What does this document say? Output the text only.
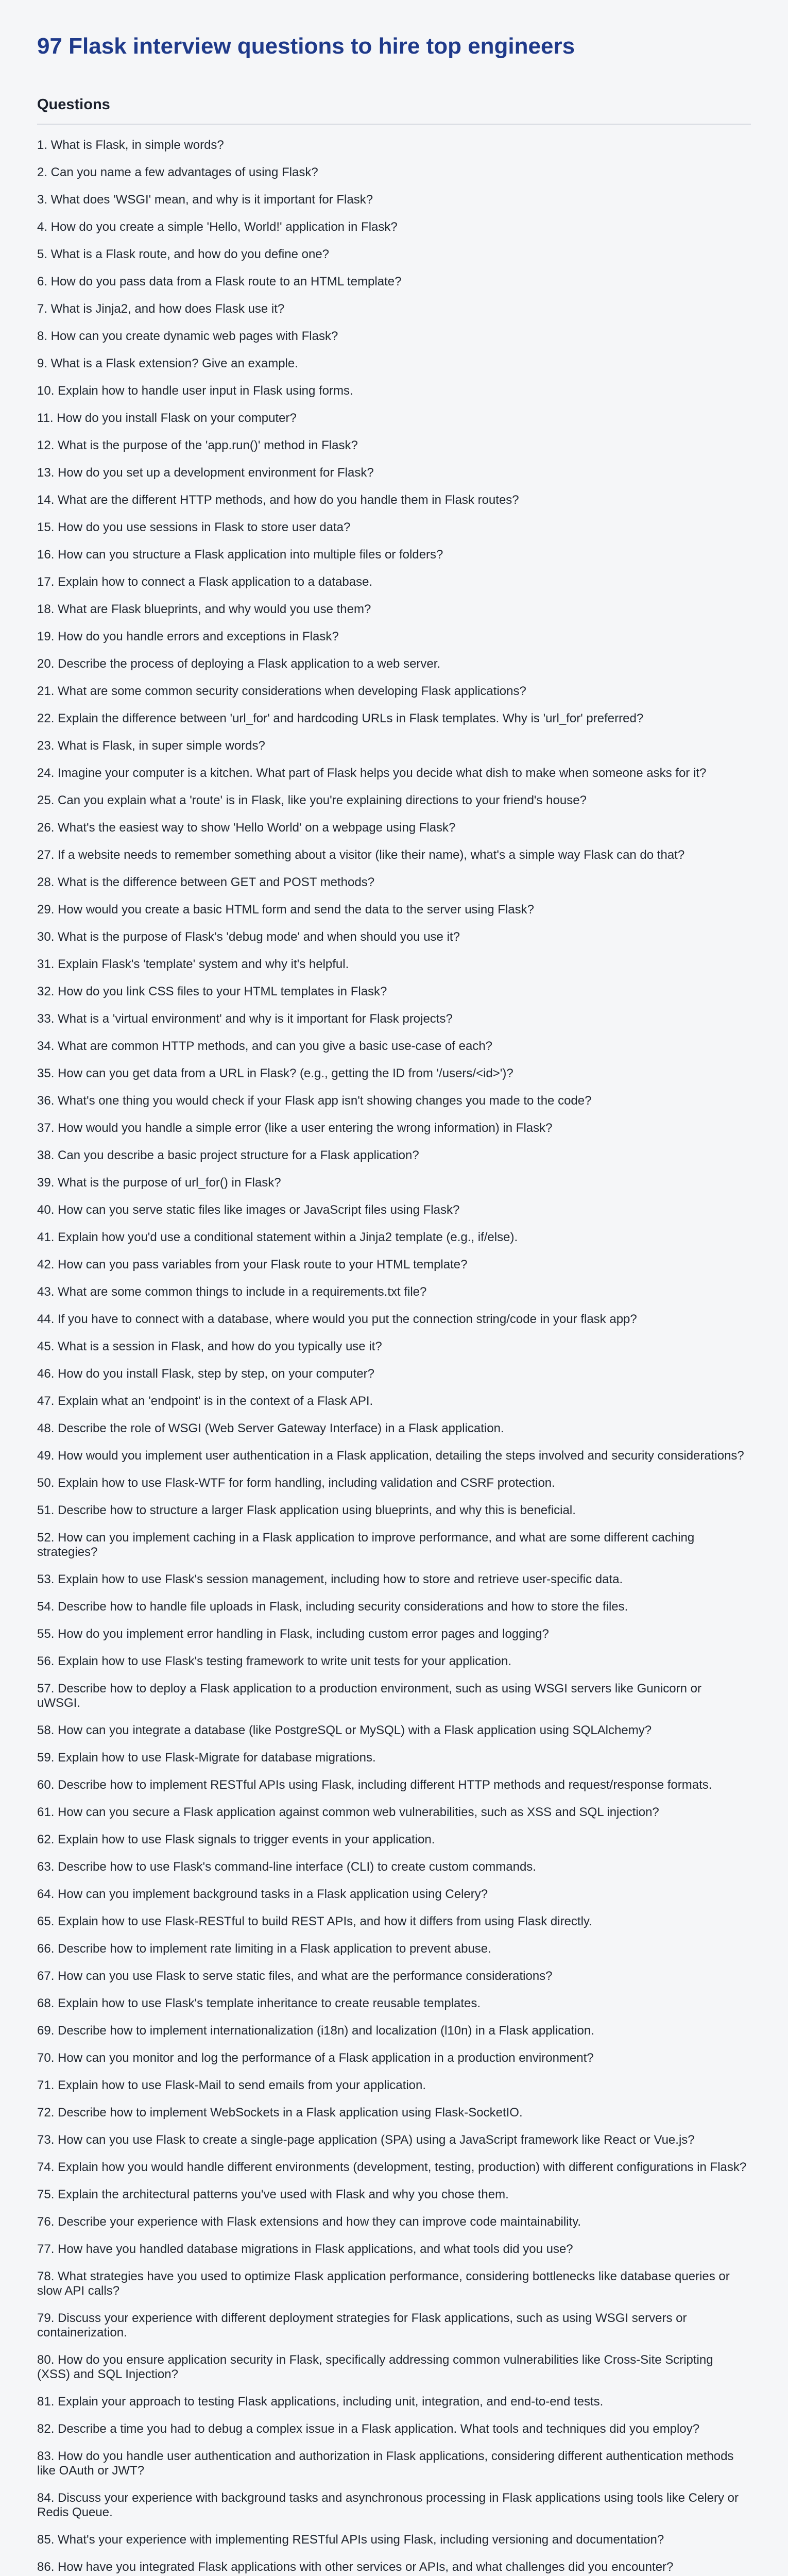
97 Flask interview questions to hire top engineers
Questions
1. What is Flask, in simple words?
2. Can you name a few advantages of using Flask?
3. What does 'WSGI' mean, and why is it important for Flask?
4. How do you create a simple 'Hello, World!' application in Flask?
5. What is a Flask route, and how do you define one?
6. How do you pass data from a Flask route to an HTML template?
7. What is Jinja2, and how does Flask use it?
8. How can you create dynamic web pages with Flask?
9. What is a Flask extension? Give an example.
10. Explain how to handle user input in Flask using forms.
11. How do you install Flask on your computer?
12. What is the purpose of the 'app.run()' method in Flask?
13. How do you set up a development environment for Flask?
14. What are the different HTTP methods, and how do you handle them in Flask routes?
15. How do you use sessions in Flask to store user data?
16. How can you structure a Flask application into multiple files or folders?
17. Explain how to connect a Flask application to a database.
18. What are Flask blueprints, and why would you use them?
19. How do you handle errors and exceptions in Flask?
20. Describe the process of deploying a Flask application to a web server.
21. What are some common security considerations when developing Flask applications?
22. Explain the difference between 'url_for' and hardcoding URLs in Flask templates. Why is 'url_for' preferred?
23. What is Flask, in super simple words?
24. Imagine your computer is a kitchen. What part of Flask helps you decide what dish to make when someone asks for it?
25. Can you explain what a 'route' is in Flask, like you're explaining directions to your friend's house?
26. What's the easiest way to show 'Hello World' on a webpage using Flask?
27. If a website needs to remember something about a visitor (like their name), what's a simple way Flask can do that?
28. What is the difference between GET and POST methods?
29. How would you create a basic HTML form and send the data to the server using Flask?
30. What is the purpose of Flask's 'debug mode' and when should you use it?
31. Explain Flask's 'template' system and why it's helpful.
32. How do you link CSS files to your HTML templates in Flask?
33. What is a 'virtual environment' and why is it important for Flask projects?
34. What are common HTTP methods, and can you give a basic use-case of each?
35. How can you get data from a URL in Flask? (e.g., getting the ID from '/users/<id>')?
36. What's one thing you would check if your Flask app isn't showing changes you made to the code?
37. How would you handle a simple error (like a user entering the wrong information) in Flask?
38. Can you describe a basic project structure for a Flask application?
39. What is the purpose of url_for() in Flask?
40. How can you serve static files like images or JavaScript files using Flask?
41. Explain how you'd use a conditional statement within a Jinja2 template (e.g., if/else).
42. How can you pass variables from your Flask route to your HTML template?
43. What are some common things to include in a requirements.txt file?
44. If you have to connect with a database, where would you put the connection string/code in your flask app?
45. What is a session in Flask, and how do you typically use it?
46. How do you install Flask, step by step, on your computer?
47. Explain what an 'endpoint' is in the context of a Flask API.
48. Describe the role of WSGI (Web Server Gateway Interface) in a Flask application.
49. How would you implement user authentication in a Flask application, detailing the steps involved and security considerations?
50. Explain how to use Flask-WTF for form handling, including validation and CSRF protection.
51. Describe how to structure a larger Flask application using blueprints, and why this is beneficial.
52. How can you implement caching in a Flask application to improve performance, and what are some different caching strategies?
53. Explain how to use Flask's session management, including how to store and retrieve user-specific data.
54. Describe how to handle file uploads in Flask, including security considerations and how to store the files.
55. How do you implement error handling in Flask, including custom error pages and logging?
56. Explain how to use Flask's testing framework to write unit tests for your application.
57. Describe how to deploy a Flask application to a production environment, such as using WSGI servers like Gunicorn or uWSGI.
58. How can you integrate a database (like PostgreSQL or MySQL) with a Flask application using SQLAlchemy?
59. Explain how to use Flask-Migrate for database migrations.
60. Describe how to implement RESTful APIs using Flask, including different HTTP methods and request/response formats.
61. How can you secure a Flask application against common web vulnerabilities, such as XSS and SQL injection?
62. Explain how to use Flask signals to trigger events in your application.
63. Describe how to use Flask's command-line interface (CLI) to create custom commands.
64. How can you implement background tasks in a Flask application using Celery?
65. Explain how to use Flask-RESTful to build REST APIs, and how it differs from using Flask directly.
66. Describe how to implement rate limiting in a Flask application to prevent abuse.
67. How can you use Flask to serve static files, and what are the performance considerations?
68. Explain how to use Flask's template inheritance to create reusable templates.
69. Describe how to implement internationalization (i18n) and localization (l10n) in a Flask application.
70. How can you monitor and log the performance of a Flask application in a production environment?
71. Explain how to use Flask-Mail to send emails from your application.
72. Describe how to implement WebSockets in a Flask application using Flask-SocketIO.
73. How can you use Flask to create a single-page application (SPA) using a JavaScript framework like React or Vue.js?
74. Explain how you would handle different environments (development, testing, production) with different configurations in Flask?
75. Explain the architectural patterns you've used with Flask and why you chose them.
76. Describe your experience with Flask extensions and how they can improve code maintainability.
77. How have you handled database migrations in Flask applications, and what tools did you use?
78. What strategies have you used to optimize Flask application performance, considering bottlenecks like database queries or slow API calls?
79. Discuss your experience with different deployment strategies for Flask applications, such as using WSGI servers or containerization.
80. How do you ensure application security in Flask, specifically addressing common vulnerabilities like Cross-Site Scripting (XSS) and SQL Injection?
81. Explain your approach to testing Flask applications, including unit, integration, and end-to-end tests.
82. Describe a time you had to debug a complex issue in a Flask application. What tools and techniques did you employ?
83. How do you handle user authentication and authorization in Flask applications, considering different authentication methods like OAuth or JWT?
84. Discuss your experience with background tasks and asynchronous processing in Flask applications using tools like Celery or Redis Queue.
85. What's your experience with implementing RESTful APIs using Flask, including versioning and documentation?
86. How have you integrated Flask applications with other services or APIs, and what challenges did you encounter?
